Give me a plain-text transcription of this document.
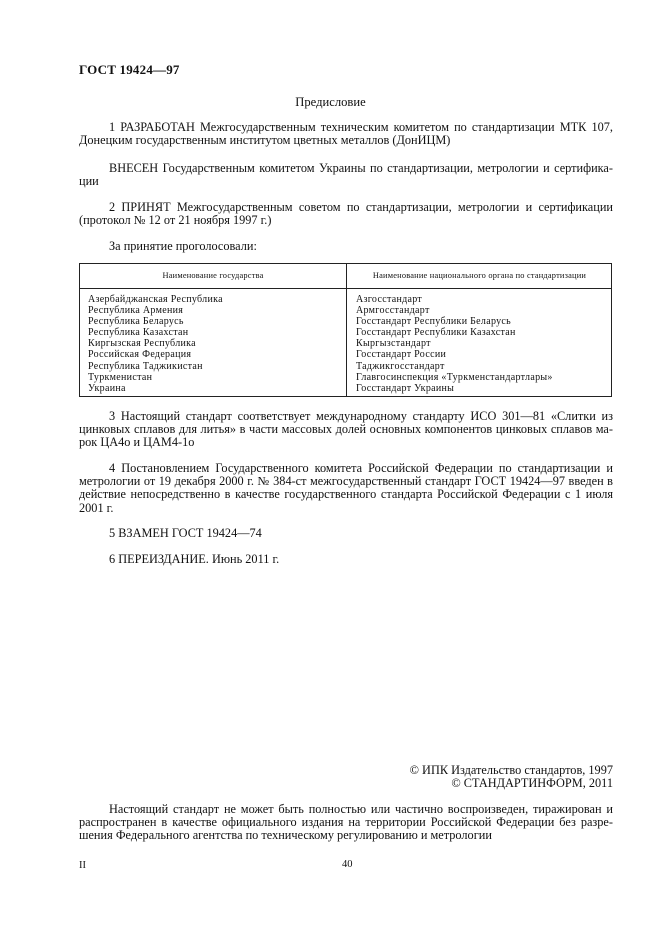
ГОСТ 19424—97
Предисловие
1 РАЗРАБОТАН Межгосударственным техническим комитетом по стандартизации МТК 107, Донецким государственным институтом цветных металлов (ДонИЦМ)
ВНЕСЕН Государственным комитетом Украины по стандартизации, метрологии и сертифика-ции
2 ПРИНЯТ Межгосударственным советом по стандартизации, метрологии и сертификации (протокол № 12 от 21 ноября 1997 г.)
За принятие проголосовали:
Наименование государства	Наименование национального органа по стандартизации
Азербайджанская Республика
Республика Армения
Республика Беларусь
Республика Казахстан
Киргызская Республика
Российская Федерация
Республика Таджикистан
Туркменистан
Украина
Азгосстандарт
Армгосстандарт
Госстандарт Республики Беларусь
Госстандарт Республики Казахстан
Кыргызстандарт
Госстандарт России
Таджикгосстандарт
Главгосинспекция «Туркменстандартлары»
Госстандарт Украины
3 Настоящий стандарт соответствует международному стандарту ИСО 301—81 «Слитки из цинковых сплавов для литья» в части массовых долей основных компонентов цинковых сплавов ма-рок ЦА4о и ЦАМ4-1о
4 Постановлением Государственного комитета Российской Федерации по стандартизации и метрологии от 19 декабря 2000 г. № 384-ст межгосударственный стандарт ГОСТ 19424—97 введен в действие непосредственно в качестве государственного стандарта Российской Федерации с 1 июля 2001 г.
5 ВЗАМЕН ГОСТ 19424—74
6 ПЕРЕИЗДАНИЕ. Июнь 2011 г.
© ИПК Издательство стандартов, 1997
© СТАНДАРТИНФОРМ, 2011
Настоящий стандарт не может быть полностью или частично воспроизведен, тиражирован и распространен в качестве официального издания на территории Российской Федерации без разре-шения Федерального агентства по техническому регулированию и метрологии
II	40
